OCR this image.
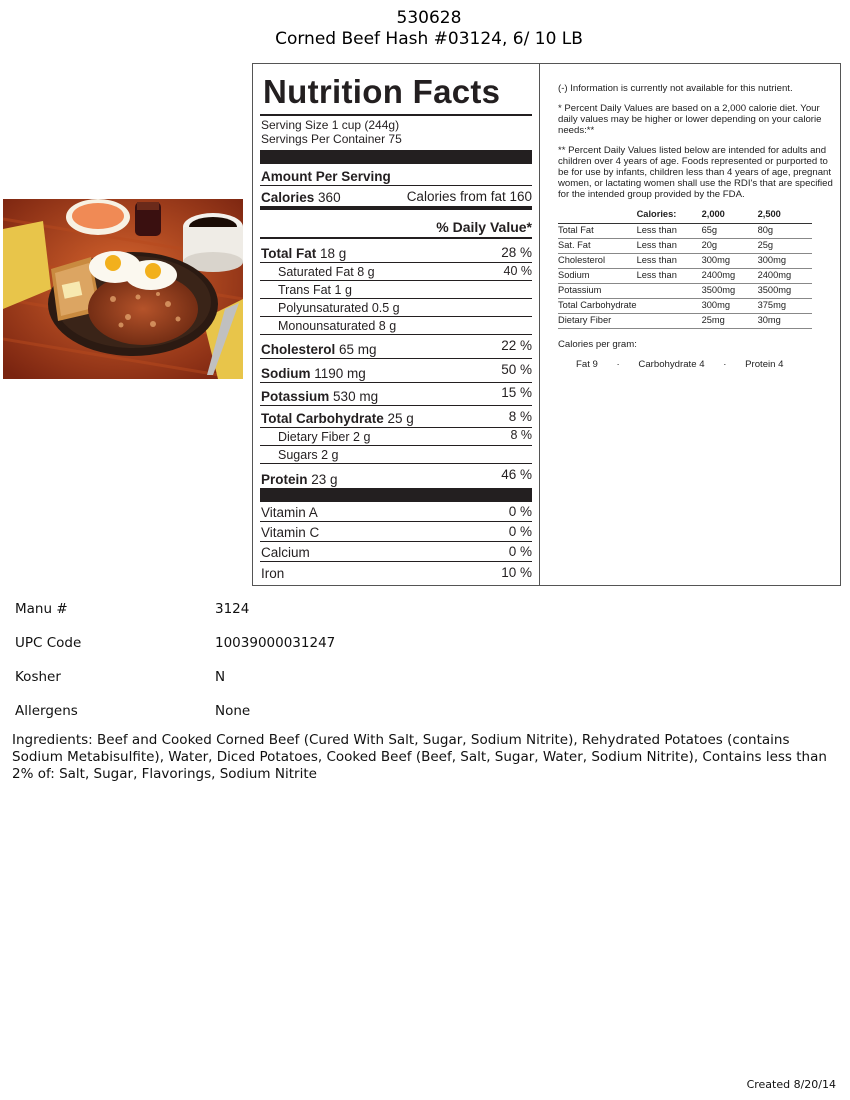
530628
Corned Beef Hash #03124, 6/ 10 LB
Nutrition Facts
Serving Size 1 cup (244g)
Servings Per Container 75
Amount Per Serving
Calories 360	Calories from fat 160
% Daily Value*
Total Fat 18 g	28 %
Saturated Fat 8 g	40 %
Trans Fat 1 g
Polyunsaturated 0.5 g
Monounsaturated 8 g
Cholesterol 65 mg	22 %
Sodium 1190 mg	50 %
Potassium 530 mg	15 %
Total Carbohydrate 25 g	8 %
Dietary Fiber 2 g	8 %
Sugars 2 g
Protein 23 g	46 %
Vitamin A	0 %
Vitamin C	0 %
Calcium	0 %
Iron	10 %

(-) Information is currently not available for this nutrient.

* Percent Daily Values are based on a 2,000 calorie diet. Your daily values may be higher or lower depending on your calorie needs:**

** Percent Daily Values listed below are intended for adults and children over 4 years of age. Foods represented or purported to be for use by infants, children less than 4 years of age, pregnant women, or lactating women shall use the RDI's that are specified for the intended group provided by the FDA.

	Calories:	2,000	2,500
Total Fat	Less than	65g	80g
Sat. Fat	Less than	20g	25g
Cholesterol	Less than	300mg	300mg
Sodium	Less than	2400mg	2400mg
Potassium		3500mg	3500mg
Total Carbohydrate		300mg	375mg
Dietary Fiber		25mg	30mg
Calories per gram:
Fat 9 · Carbohydrate 4 · Protein 4
Manu #	3124
UPC Code	10039000031247
Kosher	N
Allergens	None
Ingredients: Beef and Cooked Corned Beef (Cured With Salt, Sugar, Sodium Nitrite), Rehydrated Potatoes (contains Sodium Metabisulfite), Water, Diced Potatoes, Cooked Beef (Beef, Salt, Sugar, Water, Sodium Nitrite), Contains less than 2% of: Salt, Sugar, Flavorings, Sodium Nitrite
Created 8/20/14
